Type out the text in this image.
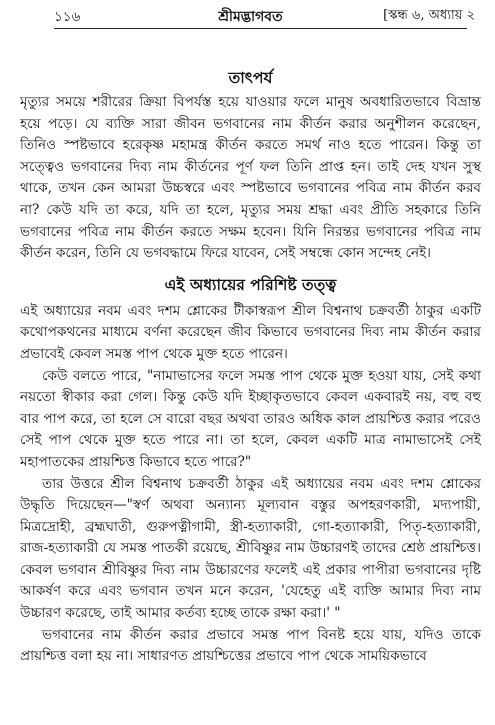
১১৬	শ্রীমদ্ভাগবত	[স্কন্ধ ৬, অধ্যায় ২
তাৎপর্য

মৃত্যুর সময়ে শরীরের ক্রিয়া বিপর্যস্ত হয়ে যাওয়ার ফলে মানুষ অবধারিতভাবে বিভ্রান্ত হয়ে পড়ে। যে ব্যক্তি সারা জীবন ভগবানের নাম কীর্তন করার অনুশীলন করেছেন, তিনিও স্পষ্টভাবে হরেকৃষ্ণ মহামন্ত্র কীর্তন করতে সমর্থ নাও হতে পারেন। কিন্তু তা সত্ত্বেও ভগবানের দিব্য নাম কীর্তনের পূর্ণ ফল তিনি প্রাপ্ত হন। তাই দেহ যখন সুস্থ থাকে, তখন কেন আমরা উচ্চস্বরে এবং স্পষ্টভাবে ভগবানের পবিত্র নাম কীর্তন করব না? কেউ যদি তা করে, যদি তা হলে, মৃত্যুর সময় শ্রদ্ধা এবং প্রীতি সহকারে তিনি ভগবানের পবিত্র নাম কীর্তন করতে সক্ষম হবেন। যিনি নিরন্তর ভগবানের পবিত্র নাম কীর্তন করেন, তিনি যে ভগবদ্ধামে ফিরে যাবেন, সেই সম্বন্ধে কোন সন্দেহ নেই।

এই অধ্যায়ের পরিশিষ্ট তত্ত্ব

এই অধ্যায়ের নবম এবং দশম শ্লোকের টীকাস্বরূপ শ্রীল বিশ্বনাথ চক্রবর্তী ঠাকুর একটি কথোপকথনের মাধ্যমে বর্ণনা করেছেন জীব কিভাবে ভগবানের দিব্য নাম কীর্তন করার প্রভাবেই কেবল সমস্ত পাপ থেকে মুক্ত হতে পারেন।

কেউ বলতে পারে, "নামাভাসের ফলে সমস্ত পাপ থেকে মুক্ত হওয়া যায়, সেই কথা নয়তো স্বীকার করা গেল। কিন্তু কেউ যদি ইচ্ছাকৃতভাবে কেবল একবারই নয়, বহু বহু বার পাপ করে, তা হলে সে বারো বছর অথবা তারও অধিক কাল প্রায়শ্চিত্ত করার পরেও সেই পাপ থেকে মুক্ত হতে পারে না। তা হলে, কেবল একটি মাত্র নামাভাসেই সেই মহাপাতকের প্রায়শ্চিত্ত কিভাবে হতে পারে?"

তার উত্তরে শ্রীল বিশ্বনাথ চক্রবর্তী ঠাকুর এই অধ্যায়ের নবম এবং দশম শ্লোকের উদ্ধৃতি দিয়েছেন—"স্বর্ণ অথবা অন্যান্য মূল্যবান বস্তুর অপহরণকারী, মদ্যপায়ী, মিত্রদ্রোহী, ব্রহ্মঘাতী, গুরুপত্নীগামী, স্ত্রী-হত্যাকারী, গো-হত্যাকারী, পিতৃ-হত্যাকারী, রাজ-হত্যাকারী যে সমস্ত পাতকী রয়েছে, শ্রীবিষ্ণুর নাম উচ্চারণই তাদের শ্রেষ্ঠ প্রায়শ্চিত্ত। কেবল ভগবান শ্রীবিষ্ণুর দিব্য নাম উচ্চারণের ফলেই এই প্রকার পাপীরা ভগবানের দৃষ্টি আকর্ষণ করে এবং ভগবান তখন মনে করেন, 'যেহেতু এই ব্যক্তি আমার দিব্য নাম উচ্চারণ করেছে, তাই আমার কর্তব্য হচ্ছে তাকে রক্ষা করা।' "

ভগবানের নাম কীর্তন করার প্রভাবে সমস্ত পাপ বিনষ্ট হয়ে যায়, যদিও তাকে প্রায়শ্চিত্ত বলা হয় না। সাধারণত প্রায়শ্চিত্তের প্রভাবে পাপ থেকে সাময়িকভাবে
